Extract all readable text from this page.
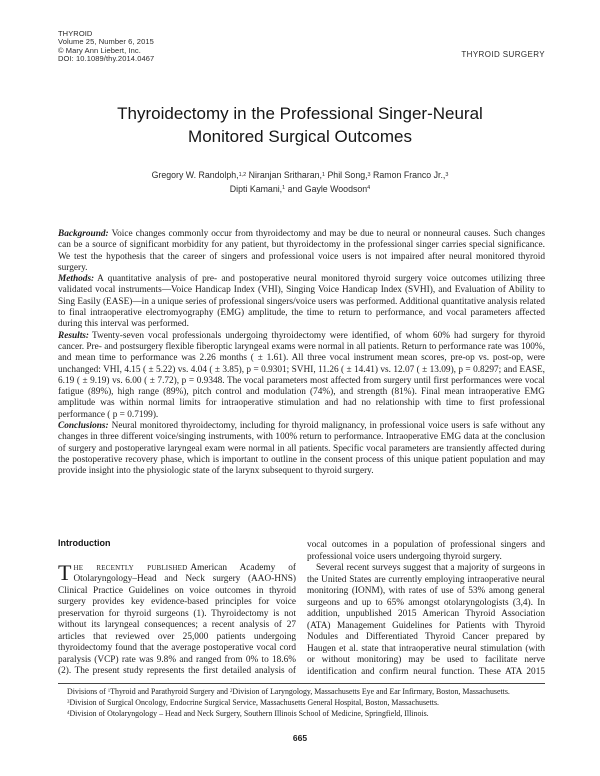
THYROID
Volume 25, Number 6, 2015
© Mary Ann Liebert, Inc.
DOI: 10.1089/thy.2014.0467	THYROID SURGERY
Thyroidectomy in the Professional Singer-Neural
Monitored Surgical Outcomes
Gregory W. Randolph,$^{1,2}$ Niranjan Sritharan,$^1$ Phil Song,$^3$ Ramon Franco Jr.,$^3$
Dipti Kamani,$^1$ and Gayle Woodson$^4$

Background: Voice changes commonly occur from thyroidectomy and may be due to neural or nonneural causes. Such changes can be a source of significant morbidity for any patient, but thyroidectomy in the professional singer carries special significance. We test the hypothesis that the career of singers and professional voice users is not impaired after neural monitored thyroid surgery.

Methods: A quantitative analysis of pre- and postoperative neural monitored thyroid surgery voice outcomes utilizing three validated vocal instruments—Voice Handicap Index (VHI), Singing Voice Handicap Index (SVHI), and Evaluation of Ability to Sing Easily (EASE)—in a unique series of professional singers/voice users was performed. Additional quantitative analysis related to final intraoperative electromyography (EMG) amplitude, the time to return to performance, and vocal parameters affected during this interval was performed.

Results: Twenty-seven vocal professionals undergoing thyroidectomy were identified, of whom 60% had surgery for thyroid cancer. Pre- and postsurgery flexible fiberoptic laryngeal exams were normal in all patients. Return to performance rate was 100%, and mean time to performance was 2.26 months ( ± 1.61). All three vocal instrument mean scores, pre-op vs. post-op, were unchanged: VHI, 4.15 ( ± 5.22) vs. 4.04 ( ± 3.85), p = 0.9301; SVHI, 11.26 ( ± 14.41) vs. 12.07 ( ± 13.09), p = 0.8297; and EASE, 6.19 ( ± 9.19) vs. 6.00 ( ± 7.72), p = 0.9348. The vocal parameters most affected from surgery until first performances were vocal fatigue (89%), high range (89%), pitch control and modulation (74%), and strength (81%). Final mean intraoperative EMG amplitude was within normal limits for intraoperative stimulation and had no relationship with time to first professional performance ( p = 0.7199).

Conclusions: Neural monitored thyroidectomy, including for thyroid malignancy, in professional voice users is safe without any changes in three different voice/singing instruments, with 100% return to performance. Intraoperative EMG data at the conclusion of surgery and postoperative laryngeal exam were normal in all patients. Specific vocal parameters are transiently affected during the postoperative recovery phase, which is important to outline in the consent process of this unique patient population and may provide insight into the physiologic state of the larynx subsequent to thyroid surgery.

Introduction

The recently published American Academy of Otolaryngology–Head and Neck surgery (AAO-HNS) Clinical Practice Guidelines on voice outcomes in thyroid surgery provides key evidence-based principles for voice preservation for thyroid surgeons (1). Thyroidectomy is not without its laryngeal consequences; a recent analysis of 27 articles that reviewed over 25,000 patients undergoing thyroidectomy found that the average postoperative vocal cord paralysis (VCP) rate was 9.8% and ranged from 0% to 18.6% (2). The present study represents the first detailed analysis of

vocal outcomes in a population of professional singers and professional voice users undergoing thyroid surgery.

Several recent surveys suggest that a majority of surgeons in the United States are currently employing intraoperative neural monitoring (IONM), with rates of use of 53% among general surgeons and up to 65% amongst otolaryngologists (3,4). In addition, unpublished 2015 American Thyroid Association (ATA) Management Guidelines for Patients with Thyroid Nodules and Differentiated Thyroid Cancer prepared by Haugen et al. state that intraoperative neural stimulation (with or without monitoring) may be used to facilitate nerve identification and confirm neural function. These ATA 2015

Divisions of $^1$Thyroid and Parathyroid Surgery and $^2$Division of Laryngology, Massachusetts Eye and Ear Infirmary, Boston, Massachusetts.

$^3$Division of Surgical Oncology, Endocrine Surgical Service, Massachusetts General Hospital, Boston, Massachusetts.

$^4$Division of Otolaryngology – Head and Neck Surgery, Southern Illinois School of Medicine, Springfield, Illinois.

665
